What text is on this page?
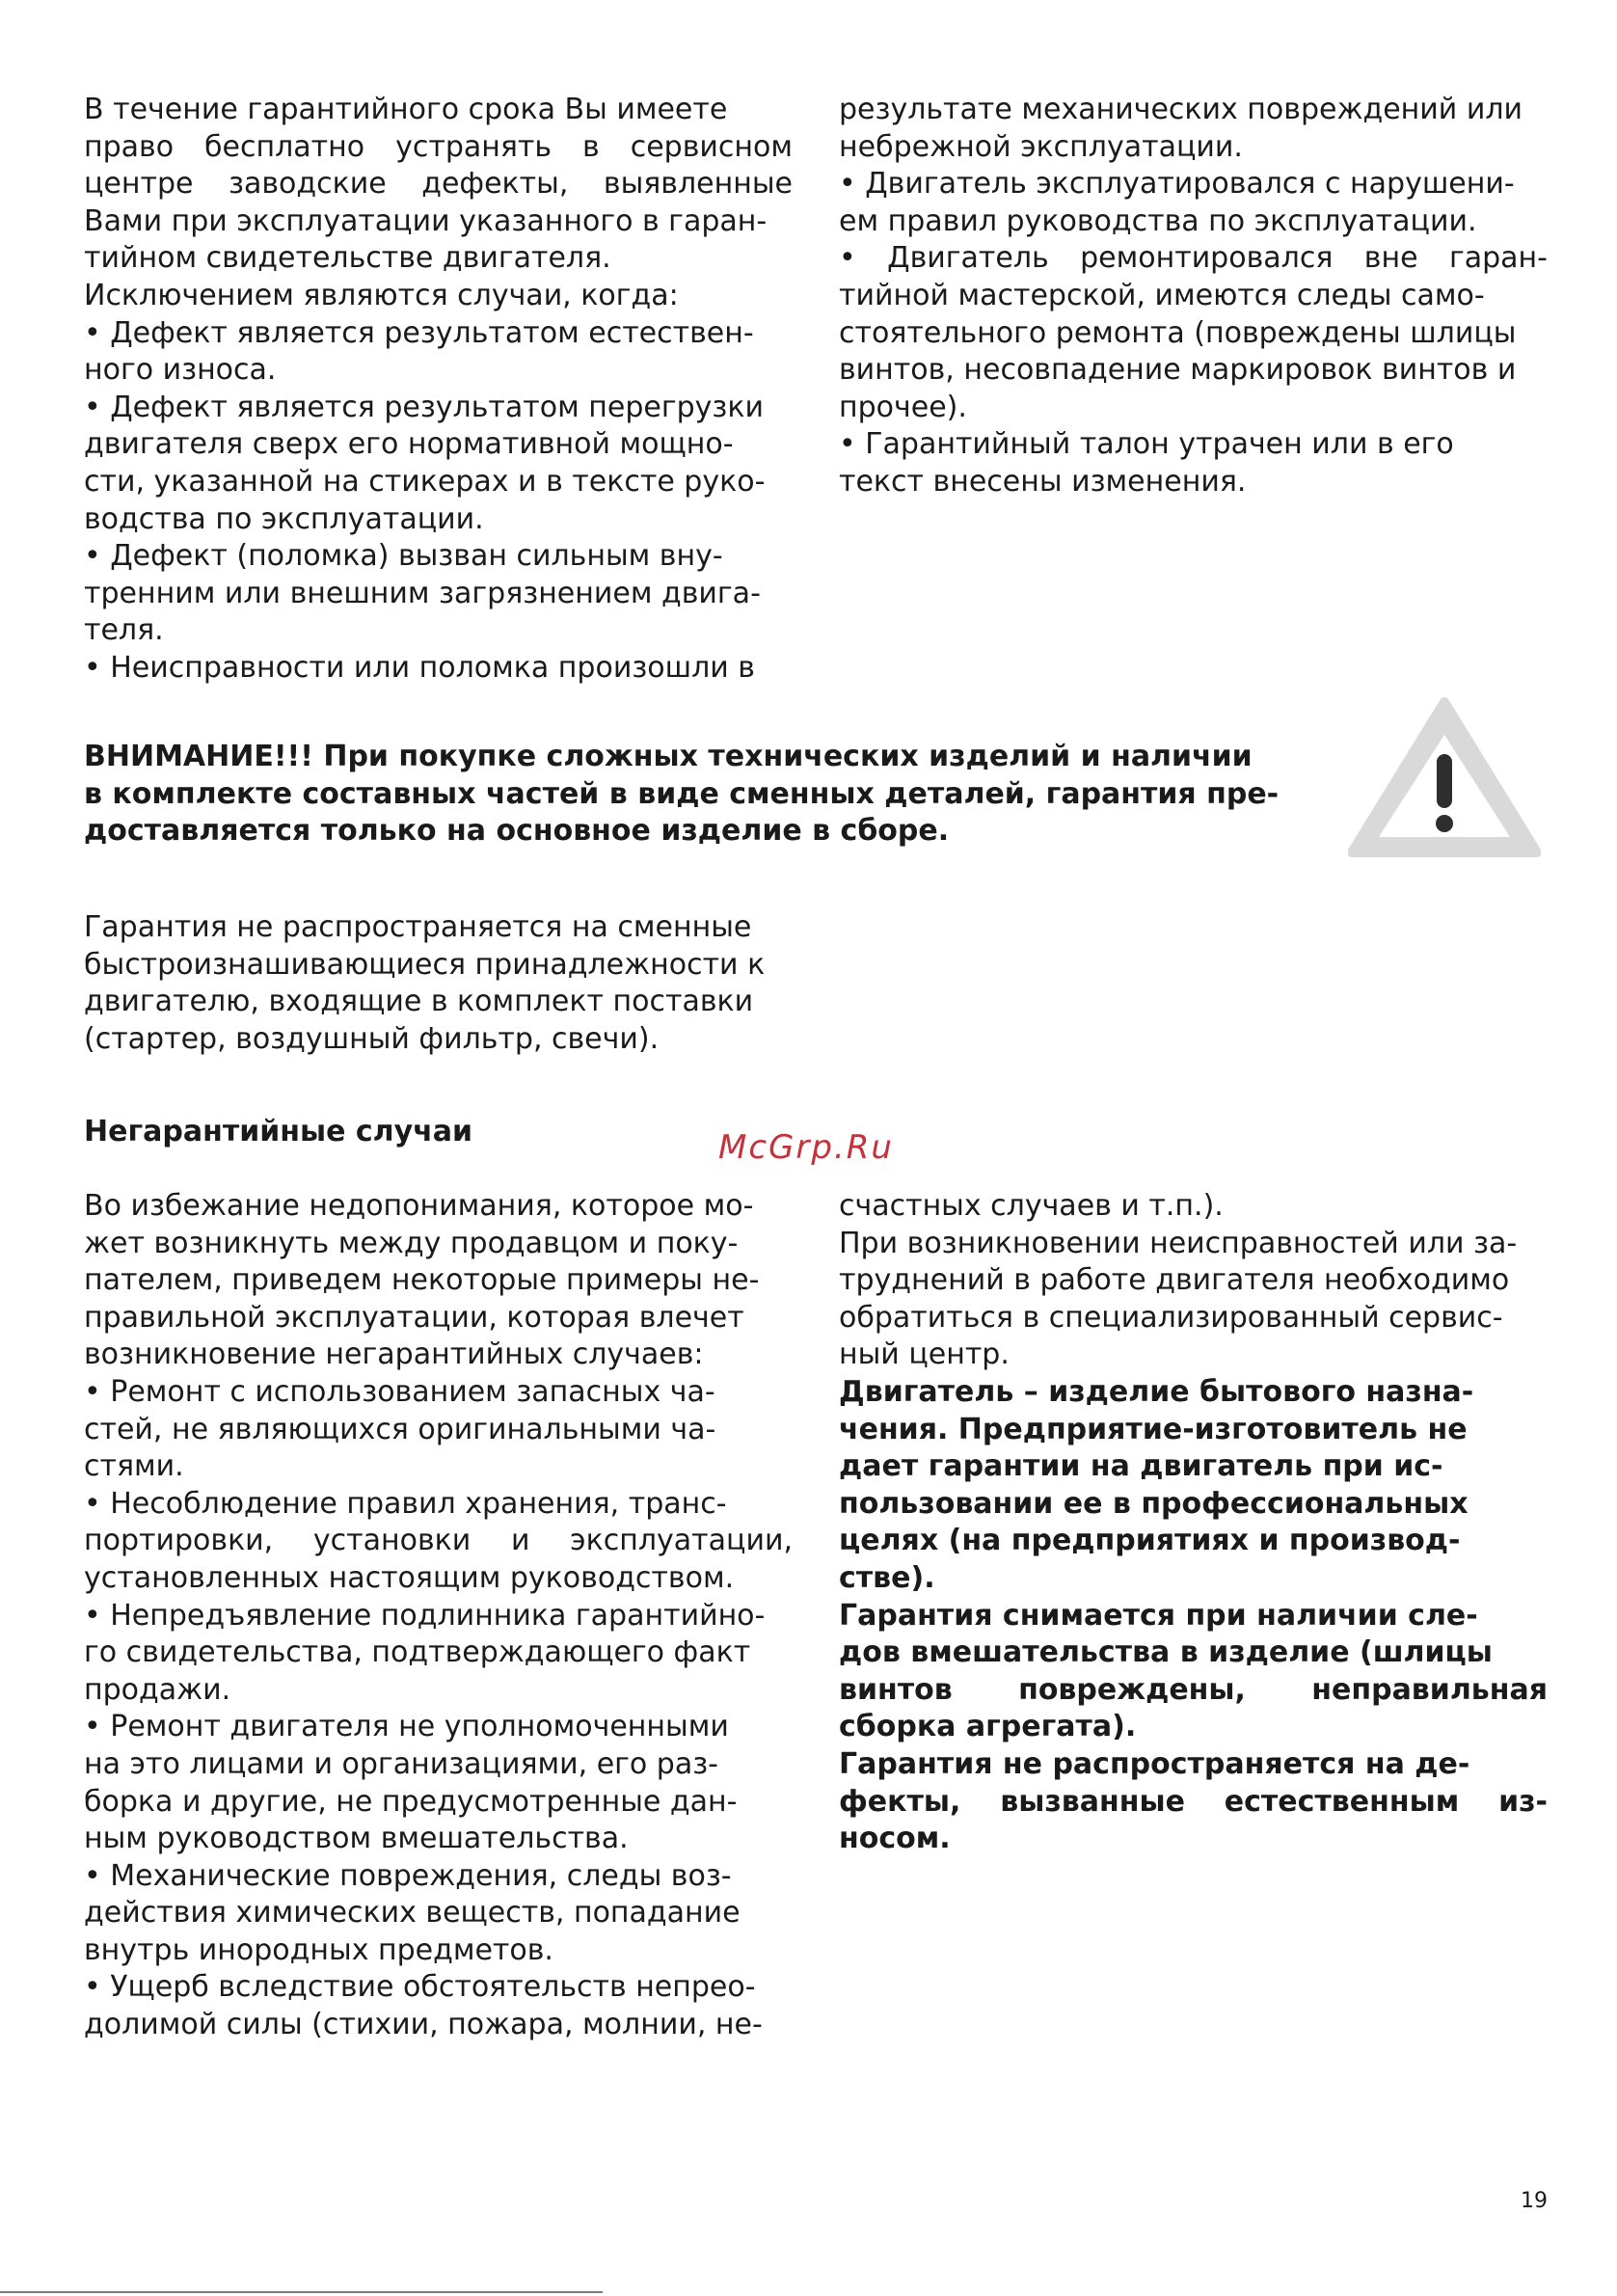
В течение гарантийного срока Вы имеете

право бесплатно устранять в сервисном

центре заводские дефекты, выявленные

Вами при эксплуатации указанного в гаран-

тийном свидетельстве двигателя.

Исключением являются случаи, когда:

• Дефект является результатом естествен-

ного износа.

• Дефект является результатом перегрузки

двигателя сверх его нормативной мощно-

сти, указанной на стикерах и в тексте руко-

водства по эксплуатации.

• Дефект (поломка) вызван сильным вну-

тренним или внешним загрязнением двига-

теля.

• Неисправности или поломка произошли в

результате механических повреждений или

небрежной эксплуатации.

• Двигатель эксплуатировался с нарушени-

ем правил руководства по эксплуатации.

• Двигатель ремонтировался вне гаран-

тийной мастерской, имеются следы само-

стоятельного ремонта (повреждены шлицы

винтов, несовпадение маркировок винтов и

прочее).

• Гарантийный талон утрачен или в его

текст внесены изменения.

ВНИМАНИЕ!!! При покупке сложных технических изделий и наличии

в комплекте составных частей в виде сменных деталей, гарантия пре-

доставляется только на основное изделие в сборе.

Гарантия не распространяется на сменные

быстроизнашивающиеся принадлежности к

двигателю, входящие в комплект поставки

(стартер, воздушный фильтр, свечи).

Негарантийные случаи	McGrp.Ru

Во избежание недопонимания, которое мо-

жет возникнуть между продавцом и поку-

пателем, приведем некоторые примеры не-

правильной эксплуатации, которая влечет

возникновение негарантийных случаев:

• Ремонт с использованием запасных ча-

стей, не являющихся оригинальными ча-

стями.

• Несоблюдение правил хранения, транс-

портировки, установки и эксплуатации,

установленных настоящим руководством.

• Непредъявление подлинника гарантийно-

го свидетельства, подтверждающего факт

продажи.

• Ремонт двигателя не уполномоченными

на это лицами и организациями, его раз-

борка и другие, не предусмотренные дан-

ным руководством вмешательства.

• Механические повреждения, следы воз-

действия химических веществ, попадание

внутрь инородных предметов.

• Ущерб вследствие обстоятельств непрео-

долимой силы (стихии, пожара, молнии, не-

счастных случаев и т.п.).

При возникновении неисправностей или за-

труднений в работе двигателя необходимо

обратиться в специализированный сервис-

ный центр.

Двигатель – изделие бытового назна-

чения. Предприятие-изготовитель не

дает гарантии на двигатель при ис-

пользовании ее в профессиональных

целях (на предприятиях и производ-

стве).

Гарантия снимается при наличии сле-

дов вмешательства в изделие (шлицы

винтов повреждены, неправильная

сборка агрегата).

Гарантия не распространяется на де-

фекты, вызванные естественным из-

носом.

19
